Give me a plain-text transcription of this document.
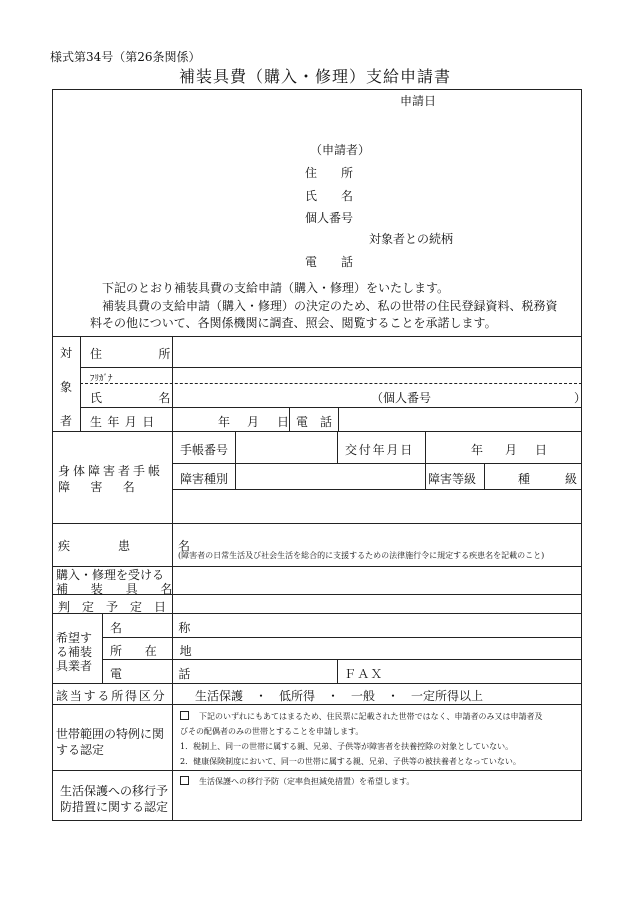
様式第34号（第26条関係）
補装具費（購入・修理）支給申請書
申請日
（申請者）
住　　所
氏　　名
個人番号
対象者との続柄
電　　話
下記のとおり補装具費の支給申請（購入・修理）をいたします。
補装具費の支給申請（購入・修理）の決定のため、私の世帯の住民登録資料、税務資
料その他について、各関係機関に調査、照会、閲覧することを承諾します。
対
象
者
住　　所
ﾌﾘｶﾞﾅ
氏　　名	（個人番号	）
生年月日	年 月 日 電　話
身体障害者手帳
障　害　名
手帳番号	交付年月日	年 月 日
障害種別	障害等級	種	級
疾　患　名
(障害者の日常生活及び社会生活を総合的に支援するための法律施行令に規定する疾患名を記載のこと)
購入・修理を受ける
補　装　具　名
判定予定日
希望す
る補装
具業者
名　　称
所　在　地
電　　話	ＦＡＸ
該当する所得区分 生活保護　・　低所得　・　一般　・　一定所得以上
世帯範囲の特例に関
する認定
下記のいずれにもあてはまるため、住民票に記載された世帯ではなく、申請者のみ又は申請者及
びその配偶者のみの世帯とすることを申請します。
1．税制上、同一の世帯に属する親、兄弟、子供等が障害者を扶養控除の対象としていない。
2．健康保険制度において、同一の世帯に属する親、兄弟、子供等の被扶養者となっていない。
生活保護への移行予
防措置に関する認定
生活保護への移行予防（定率負担減免措置）を希望します。
